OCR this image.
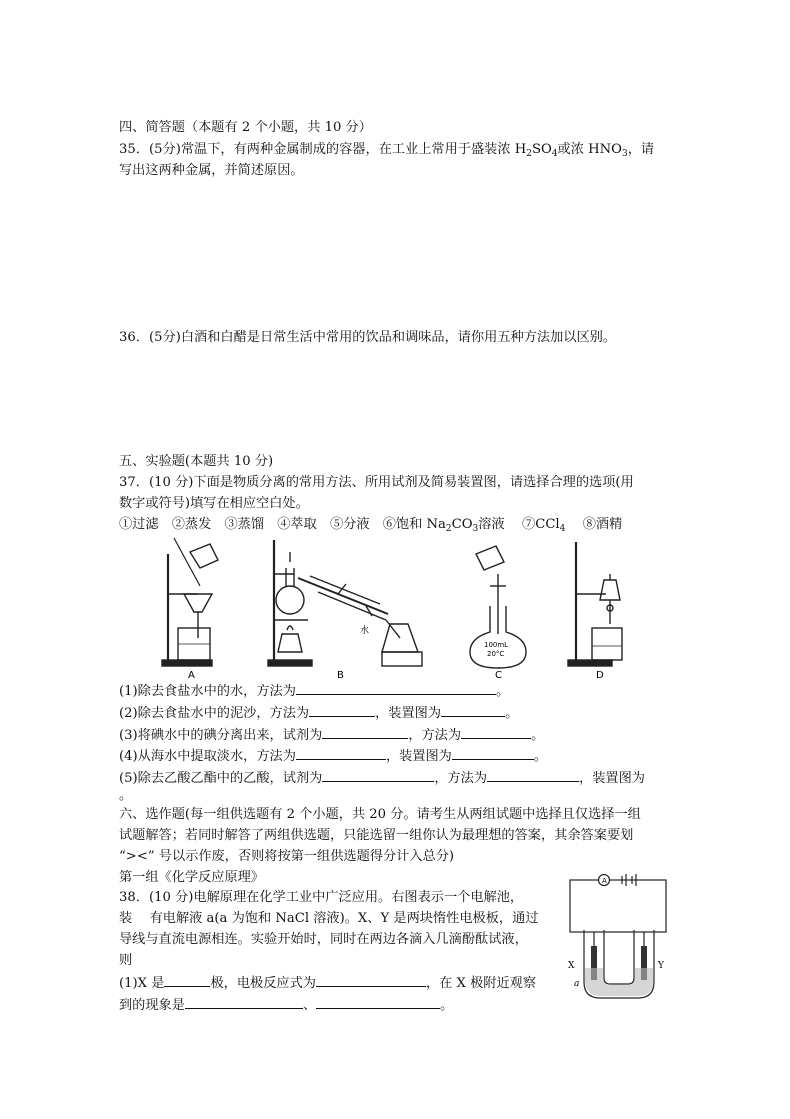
四、简答题（本题有 2 个小题，共 10 分）
35．(5分)常温下，有两种金属制成的容器，在工业上常用于盛装浓 $H_2SO_4$或浓 $HNO_3$，请
写出这两种金属，并简述原因。
36．(5分)白酒和白醋是日常生活中常用的饮品和调味品，请你用五种方法加以区别。
五、实验题(本题共 10 分)
37．(10 分)下面是物质分离的常用方法、所用试剂及简易装置图，请选择合理的选项(用
数字或符号)填写在相应空白处。
①过滤　②蒸发　③蒸馏　④萃取　⑤分液　⑥饱和 $Na_2CO_3$溶液　 ⑦CCl$_4$　 ⑧酒精
A	B	C	D
水
100mL
20°C
(1)除去食盐水中的水，方法为	。
(2)除去食盐水中的泥沙，方法为	，装置图为	。
(3)将碘水中的碘分离出来，试剂为	，方法为	。
(4)从海水中提取淡水，方法为	，装置图为	。
(5)除去乙酸乙酯中的乙酸，试剂为	，方法为	，装置图为
。
六、选作题(每一组供选题有 2 个小题，共 20 分。请考生从两组试题中选择且仅选择一组
试题解答；若同时解答了两组供选题，只能选留一组你认为最理想的答案，其余答案要划
“><” 号以示作废，否则将按第一组供选题得分计入总分)
第一组《化学反应原理》
38．(10 分)电解原理在化学工业中广泛应用。右图表示一个电解池，
装　 有电解液 a(a 为饱和 NaCl 溶液)。X、Y 是两块惰性电极板，通过
导线与直流电源相连。实验开始时，同时在两边各滴入几滴酚酞试液，
则
(1)X 是	极，电极反应式为	，在 X 极附近观察
到的现象是	、	。
A
X	Y
a
